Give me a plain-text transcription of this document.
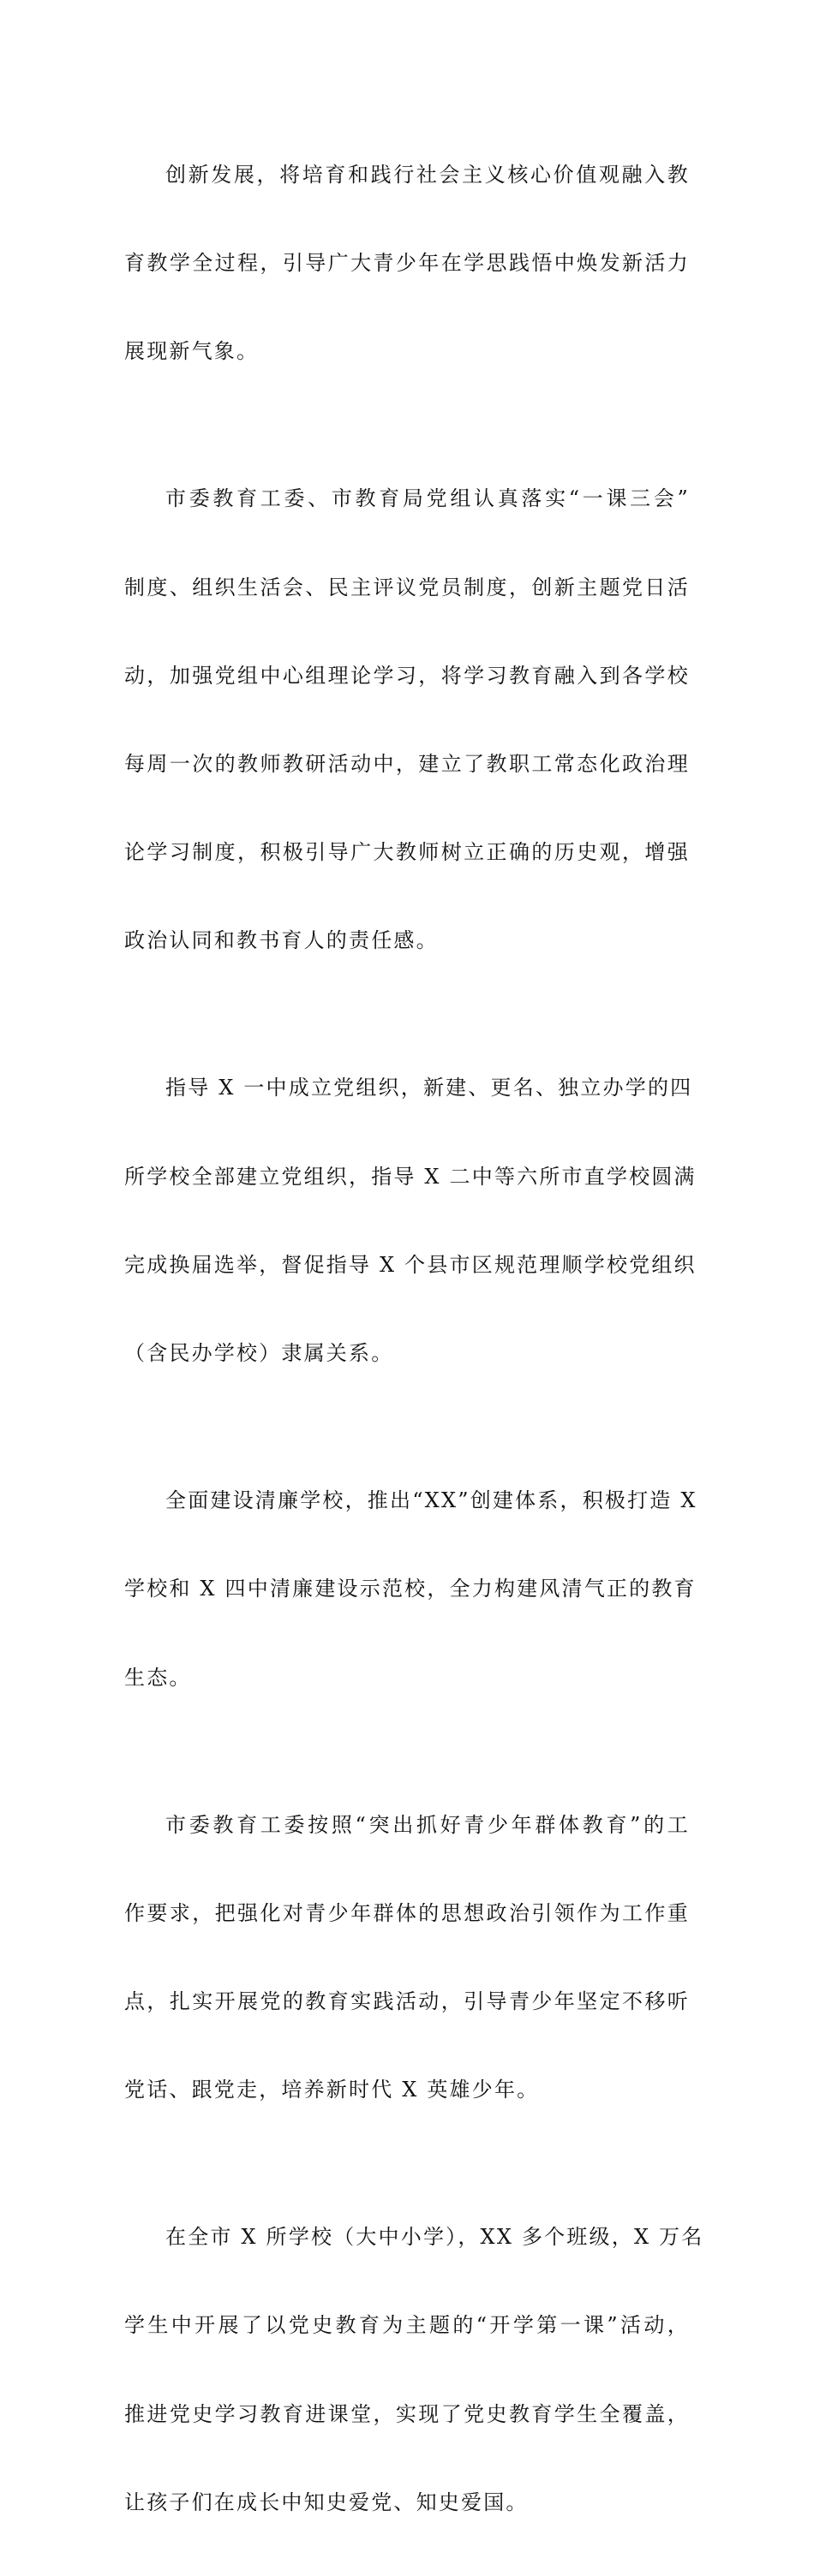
创新发展，将培育和践行社会主义核心价值观融入教

育教学全过程，引导广大青少年在学思践悟中焕发新活力

展现新气象。

市委教育工委、市教育局党组认真落实“一课三会”

制度、组织生活会、民主评议党员制度，创新主题党日活

动，加强党组中心组理论学习，将学习教育融入到各学校

每周一次的教师教研活动中，建立了教职工常态化政治理

论学习制度，积极引导广大教师树立正确的历史观，增强

政治认同和教书育人的责任感。

指导 X 一中成立党组织，新建、更名、独立办学的四

所学校全部建立党组织，指导 X 二中等六所市直学校圆满

完成换届选举，督促指导 X 个县市区规范理顺学校党组织

（含民办学校）隶属关系。

全面建设清廉学校，推出“XX”创建体系，积极打造 X

学校和 X 四中清廉建设示范校，全力构建风清气正的教育

生态。

市委教育工委按照“突出抓好青少年群体教育”的工

作要求，把强化对青少年群体的思想政治引领作为工作重

点，扎实开展党的教育实践活动，引导青少年坚定不移听

党话、跟党走，培养新时代 X 英雄少年。

在全市 X 所学校（大中小学），XX 多个班级，X 万名

学生中开展了以党史教育为主题的“开学第一课”活动，

推进党史学习教育进课堂，实现了党史教育学生全覆盖，

让孩子们在成长中知史爱党、知史爱国。
